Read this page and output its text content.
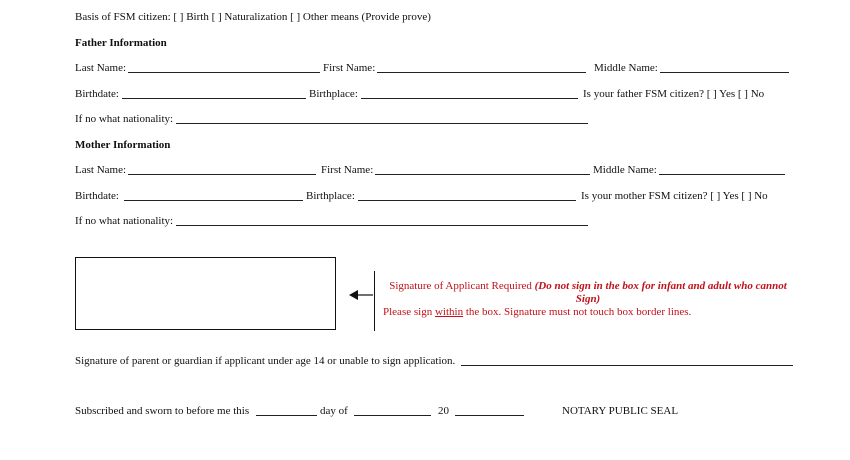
Basis of FSM citizen: [ ] Birth [ ] Naturalization [ ] Other means (Provide prove)
Father Information
Last Name:	First Name:	Middle Name:
Birthdate:	Birthplace:	Is your father FSM citizen? [ ] Yes [ ] No
If no what nationality:
Mother Information
Last Name:	First Name:	Middle Name:
Birthdate:	Birthplace:	Is your mother FSM citizen? [ ] Yes [ ] No
If no what nationality:
Signature of Applicant Required (Do not sign in the box for infant and adult who cannot Sign)
Please sign within the box. Signature must not touch box border lines.
Signature of parent or guardian if applicant under age 14 or unable to sign application.
Subscribed and sworn to before me this	day of	20	NOTARY PUBLIC SEAL
